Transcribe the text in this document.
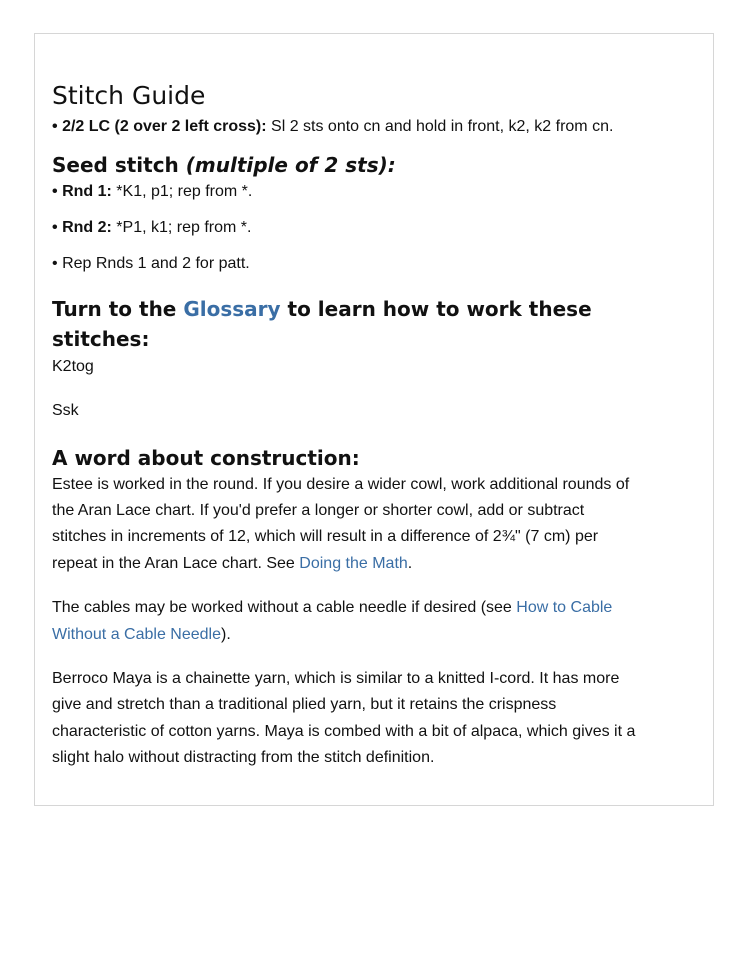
Stitch Guide

• 2/2 LC (2 over 2 left cross): Sl 2 sts onto cn and hold in front, k2, k2 from cn.

Seed stitch (multiple of 2 sts):

• Rnd 1: *K1, p1; rep from *.

• Rnd 2: *P1, k1; rep from *.

• Rep Rnds 1 and 2 for patt.

Turn to the Glossary to learn how to work these
stitches:

K2tog

Ssk

A word about construction:

Estee is worked in the round. If you desire a wider cowl, work additional rounds of

the Aran Lace chart. If you'd prefer a longer or shorter cowl, add or subtract

stitches in increments of 12, which will result in a difference of 2¾" (7 cm) per

repeat in the Aran Lace chart. See Doing the Math.

The cables may be worked without a cable needle if desired (see How to Cable

Without a Cable Needle).

Berroco Maya is a chainette yarn, which is similar to a knitted I-cord. It has more

give and stretch than a traditional plied yarn, but it retains the crispness

characteristic of cotton yarns. Maya is combed with a bit of alpaca, which gives it a

slight halo without distracting from the stitch definition.
